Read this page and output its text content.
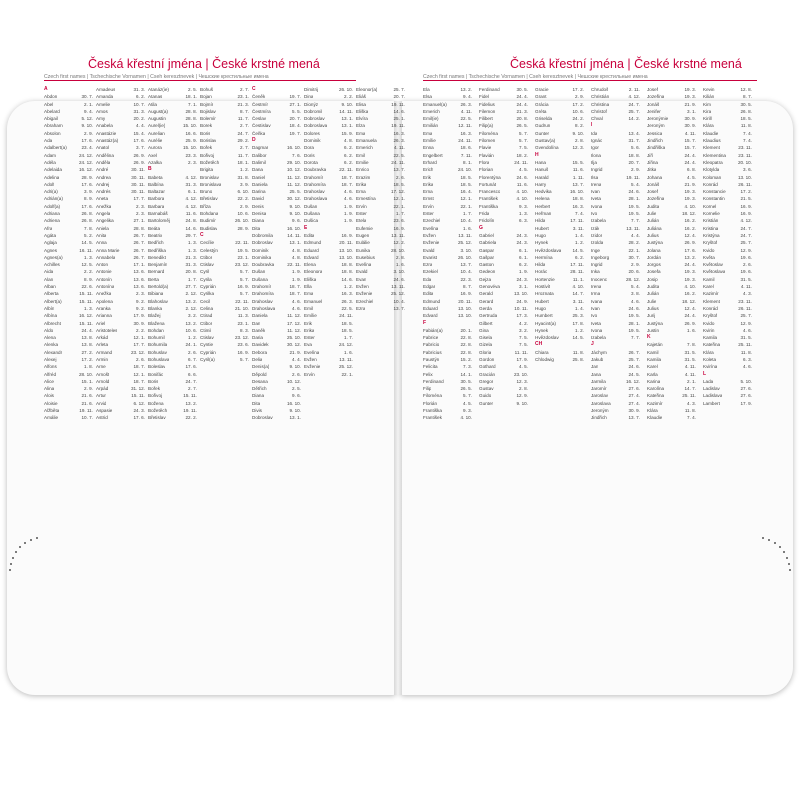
Česká křestní jména | České krstné mená
Czech first names | Tschechische Vornamen | Cseh keresztnevek | Чешские крестильные имена
Česká křestní jména | České krstné mená
Czech first names | Tschechische Vornamen | Cseh keresztnevek | Чешские крестильные имена
A
Abdon	30. 7.
Abel	2. 1.
Abelard	9. 4.
Abigail	5. 12.
Abraham	9. 10.
Absolon	2. 9.
Ada	17. 6.
Adalbert(a)	23. 4.
Adam	24. 12.
Adéla	24. 12.
Adelaida	16. 12.
Adelina	28. 9.
Adolf	17. 6.
Adri(a)	3. 9.
Adrián(a)	8. 9.
Adolf(a)	17. 6.
Adriana	26. 8.
Adriena	26. 8.
Afra	7. 8.
Agáta	5. 2.
Aglaja	14. 5.
Agnes	16. 11.
Agnes(a)	1. 3.
Achilles	12. 5.
Aida	2. 2.
Alan	8. 9.
Alban	22. 6.
Alberta	15. 11.
Albert(a)	15. 11.
Albín	1. 3.
Albína	16. 12.
Albrecht	15. 11.
Aldo	24. 4.
Alena	13. 8.
Alenka	13. 8.
Alexandr	27. 2.
Alexej	17. 2.
Alfons	1. 8.
Alfréd	28. 10.
Alice	15. 1.
Alina	2. 9.
Alois	21. 6.
Aloisie	21. 6.
Alžběta	19. 11.
Amálie	10. 7.
Amadeus	31. 3.
Amanda	6. 2.
Amelie	10. 7.
Amos	31. 3.
Amy	20. 2.
Anabela	4. 4.
Anastázie	15. 4.
Anastáz(a)	17. 6.
Anatol	3. 7.
Andělina	26. 9.
Anděla	26. 9.
André	30. 11.
Andrea	30. 11.
Andrej	30. 11.
Andrés	30. 11.
Aneta	17. 7.
Anežka	2. 3.
Angela	2. 3.
Angelika	27. 1.
Aniela	28. 8.
Anita	26. 7.
Anna	26. 7.
Anna Marie	26. 7.
Annabela	26. 7.
Anton	17. 1.
Antonie	13. 6.
Antonín	13. 6.
Antonína	13. 6.
Anežka	2. 3.
Apolena	9. 2.
Aranka	9. 2.
Arianna	17. 9.
Ariel	30. 9.
Aristoteles	2. 2.
Arkád	12. 1.
Arleta	17. 7.
Armand	23. 12.
Armin	2. 6.
Arne	18. 7.
Arnošt	12. 1.
Arnold	18. 7.
Arpád	31. 12.
Artur	15. 11.
Arvid	6. 12.
Aspasie	24. 3.
Astrid	17. 6.
Atanáz(ie)	2. 5.
Atanas	18. 1.
Atila	7. 1.
August(a)	28. 8.
Augustin	28. 8.
Aurel(ie)	15. 10.
Aurelian	16. 6.
Aurélie	25. 9.
Aurora	15. 10.
Axel	23. 3.
Azalka	2. 3.
B
Babeta	4. 12.
Balbína	31. 3.
Baltazar	6. 1.
Barbora	4. 12.
Barbara	4. 12.
Barnabáš	11. 6.
Bartoloměj	24. 8.
Beáta	14. 6.
Beatrix	29. 7.
Bedřich	1. 3.
Bedřiška	1. 3.
Benedikt	21. 3.
Benjamín	31. 3.
Bernard	20. 8.
Berta	1. 7.
Bertold(a)	27. 7.
Bibiana	2. 12.
Blahoslav	13. 2.
Blanka	2. 12.
Blažej	3. 2.
Blažena	13. 2.
Bohdan	10. 6.
Bohumil	1. 2.
Bohumila	24. 1.
Bohuslav	2. 6.
Bohuslava	6. 7.
Boleslav	17. 6.
Bonifác	6. 6.
Boris	24. 7.
Bořek	2. 7.
Bořivoj	15. 11.
Božena	13. 2.
Božetěch	19. 11.
Břetislav	22. 2.
Bohuš	2. 7.
Bojan	23. 1.
Bojmír	21. 3.
Bojislav	8. 7.
Bolemír	11. 7.
Borek	2. 7.
Boris	24. 7.
Borislav	29. 2.
Bořek	2. 7.
Bořivoj	11. 7.
Božetěch	18. 1.
Brigita	1. 2.
Bronislav	31. 8.
Bronislava	3. 9.
Bruno	6. 10.
Břetislav	22. 2.
Bříza	2. 9.
Bohdana	10. 6.
Budimír	26. 10.
Budislav	28. 9.
C
Cecílie	22. 11.
Celestýn	19. 5.
Ctibor	23. 1.
Ctislav	23. 12.
Cyril	5. 7.
Cyrila	5. 7.
Cyprián	16. 9.
Cyrilka	5. 7.
Cecil	22. 11.
Celina	21. 10.
Ctirad	11. 3.
Ctibor	23. 1.
Ctimil	8. 3.
Ctislav	23. 12.
Cyntie	23. 6.
Cyprián	16. 9.
Cyril(a)	5. 7.
Č
Čeněk	19. 7.
Čestmír	27. 1.
Čestmíra	5. 5.
Česlav	20. 7.
Čestislav	18. 4.
Čeňka	19. 7.
D
Dagmar	16. 10.
Dalibor	7. 6.
Dalimil	29. 10.
Dana	10. 12.
Daniel	11. 12.
Daniela	11. 12.
Darina	25. 5.
David	30. 12.
Denis	9. 10.
Denisa	9. 10.
Diana	9. 6.
Dita	16. 10.
Dobromila	14. 11.
Dobroslav	13. 1.
Dominik	4. 8.
Dominika	4. 8.
Doubravka	22. 11.
Dušan	1. 9.
Dušana	1. 9.
Drahomír	18. 7.
Drahomíra	18. 7.
Drahoslav	4. 6.
Drahoslava	4. 6.
Daniela	11. 12.
Dan	17. 12.
Daněk	11. 12.
Daria	25. 10.
Davidek	30. 12.
Debora	21. 9.
Delia	4. 4.
Denis(a)	9. 10.
Děpold	2. 6.
Desana	10. 12.
Dětřich	2. 5.
Diana	9. 6.
Dita	16. 10.
Divis	9. 10.
Dobroslav	13. 1.
Dimitrij	26. 10.
Dina	2. 2.
Dionýz	9. 10.
Dobromil	14. 11.
Dobroslav	13. 1.
Dobroslava	13. 1.
Dolores	15. 9.
Dominik	4. 8.
Dora	6. 2.
Doris	6. 2.
Dorota	6. 2.
Doubravka	22. 11.
Drahomír	18. 7.
Drahomíra	18. 7.
Drahoslav	4. 6.
Drahoslava	4. 6.
Dušan	1. 9.
Dušana	1. 9.
Dušica	1. 9.
E
Edita	16. 9.
Edmund	20. 11.
Eduard	13. 10.
Edvard	13. 10.
Elena	18. 8.
Eleonora	18. 8.
Eliška	14. 6.
Ella	1. 2.
Ema	16. 3.
Emanuel	26. 3.
Emil	22. 5.
Emílie	24. 11.
Erik	18. 5.
Erika	18. 5.
Ester	1. 7.
Eva	24. 12.
Evelína	1. 6.
Evžen	13. 11.
Evženie	25. 12.
Ervín	22. 1.
Eleonor(a)	25. 7.
Eliáš	20. 7.
Elisa	19. 11.
Eliška	14. 6.
Elvíra	25. 1.
Elza	19. 11.
Ema	16. 3.
Emanuela	26. 3.
Emerich	4. 11.
Emil	22. 5.
Emilie	24. 11.
Enrico	13. 7.
Erazim	2. 6.
Erika	18. 5.
Erna	17. 12.
Ernestína	12. 1.
Ervín	22. 1.
Ester	1. 7.
Etela	23. 6.
Eufemie	16. 9.
Eugen	13. 11.
Eulálie	12. 2.
Eunika	28. 10.
Eusebius	2. 8.
Evelína	1. 6.
Evald	3. 10.
Evan	24. 6.
Evžen	13. 11.
Evženie	25. 12.
Ezechiel	10. 4.
Ezra	13. 7.
Ela	13. 2.
Elsa	9. 4.
Emanuel(a)	26. 3.
Emerich	4. 11.
Emil(ie)	22. 5.
Emilián	12. 11.
Ema	16. 3.
Emílie	24. 11.
Enna	18. 6.
Engelbert	7. 11.
Erhard	8. 1.
Erich	24. 10.
Erik	18. 5.
Erika	18. 5.
Erna	16. 4.
Ernst	12. 1.
Ervín	22. 1.
Ester	1. 7.
Ezechiel	10. 4.
Evelína	1. 6.
Evžen	13. 11.
Evženie	25. 12.
Evald	3. 10.
Evarist	26. 10.
Ezra	13. 7.
Ezekiel	10. 4.
Eda	22. 3.
Edgar	8. 7.
Edita	16. 9.
Edmund	20. 11.
Eduard	13. 10.
Edvard	13. 10.
F
Fabián(a)	20. 1.
Fabrice	22. 8.
Fabricio	22. 8.
Fabricius	22. 8.
Faustýn	15. 2.
Felicita	7. 3.
Felix	14. 1.
Ferdinand	30. 5.
Filip	26. 5.
Filoména	5. 7.
Florián	4. 5.
Františka	9. 3.
František	4. 10.
Ferdinand	30. 5.
Fidel	24. 4.
Fidelius	24. 4.
Filemon	21. 3.
Filibert	20. 8.
Filip(a)	26. 5.
Filoména	5. 7.
Filomen	5. 7.
Flavie	7. 5.
Flavián	18. 2.
Flora	24. 11.
Florian	4. 5.
Florentýna	24. 6.
Fortunát	11. 6.
Francesco	4. 10.
František	4. 10.
Františka	9. 3.
Frida	1. 3.
Fridolín	6. 3.
G
Gabriel	24. 3.
Gabriela	24. 3.
Gaspar	6. 1.
Gašpar	6. 1.
Gaston	6. 2.
Gedeon	1. 9.
Gejza	24. 3.
Genovéva	3. 1.
Gerald	13. 10.
Gerard	24. 9.
Gerda	10. 11.
Gertruda	17. 3.
Gilbert	4. 2.
Gina	3. 2.
Gisela	7. 5.
Gizela	7. 5.
Gloria	11. 11.
Gordon	17. 9.
Gothard	4. 5.
Gracián	23. 10.
Gregor	12. 3.
Gustav	2. 8.
Guido	12. 9.
Gunter	9. 10.
Gracie	17. 2.
Grant	2. 9.
Grácia	17. 2.
Gréta	10. 6.
Griselda	24. 2.
Gudrun	8. 2.
Gunter	9. 10.
Gustav(a)	2. 8.
Gvendolína	12. 3.
H
Hana	15. 5.
Hanuš	11. 6.
Harald	1. 11.
Harry	13. 7.
Hedvika	16. 10.
Helena	18. 8.
Herbert	16. 3.
Heřman	7. 4.
Hilda	17. 11.
Hubert	3. 11.
Hugo	1. 4.
Hynek	1. 2.
Hvězdoslava 14. 5.
Hermína	6. 2.
Hilda	17. 11.
Horác	28. 11.
Hortenzie	11. 1.
Hostivít	4. 10.
Hroznata	14. 7.
Hubert	3. 11.
Hugo	1. 4.
Humbert	25. 3.
Hyacint(a)	17. 8.
Hynek	1. 2.
Hvězdoslav	14. 5.
CH
Chiara	11. 8.
Chlodwig	25. 8.
Chrudoš	2. 11.
Christián	4. 12.
Christina	24. 7.
Christof	25. 7.
Chval	14. 2.
I
Ida	13. 4.
Ignác	31. 7.
Igor	5. 6.
Ilona	18. 8.
Ilja	20. 7.
Ingrid	2. 9.
Ilsa	19. 11.
Irena	5. 4.
Ivan	24. 6.
Iveta	28. 1.
Ivona	19. 5.
Ivo	19. 5.
Izabela	7. 7.
Izák	13. 11.
Izidor	4. 4.
Izolda	28. 2.
Inge	22. 1.
Ingeborg	30. 7.
Ingrid	2. 9.
Inka	20. 6.
Inocenc	28. 12.
Irena	5. 4.
Irma	3. 8.
Ivana	4. 6.
Ivan	24. 6.
Ivo	19. 5.
Iveta	28. 1.
Ivona	19. 5.
Izabela	7. 7.
J
Jáchym	26. 7.
Jakub	25. 7.
Jan	24. 6.
Jana	24. 5.
Jarmila	16. 12.
Jaromír	27. 6.
Jaroslav	27. 4.
Jaroslava	27. 4.
Jeroným	30. 9.
Jindřich	13. 7.
Josef	19. 3.
Jozefína	19. 3.
Jonáš	21. 9.
Jenifer	3. 1.
Jeronýmie	30. 9.
Jeroným	30. 9.
Jessica	4. 11.
Jindřich	15. 7.
Jindřiška	15. 7.
Jiří	24. 4.
Jiřina	24. 4.
Jitka	6. 8.
Johana	4. 5.
Jonáš	21. 9.
Josef	19. 3.
Jozefína	19. 3.
Judita	4. 10.
Julie	18. 12.
Julián	16. 2.
Juliána	16. 2.
Julius	12. 4.
Justýna	26. 9.
Jolana	17. 6.
Jordán	13. 2.
Jorgos	24. 4.
Josefa	19. 3.
Josip	19. 3.
Judita	4. 10.
Julián	16. 2.
Julie	18. 12.
Julius	12. 4.
Jurij	24. 4.
Justýna	26. 9.
Justin	1. 6.
K
Kajetán	7. 8.
Kamil	31. 5.
Kamila	31. 5.
Karel	4. 11.
Karla	4. 11.
Karina	2. 1.
Karolína	14. 7.
Kateřina	25. 11.
Kazimír	4. 3.
Klára	11. 8.
Klaudie	7. 4.
Kevin	12. 8.
Kilián	8. 7.
Kim	30. 5.
Kira	26. 8.
Kirill	18. 5.
Klára	11. 8.
Klaudie	7. 4.
Klaudius	7. 4.
Klement	23. 11.
Klementina	23. 11.
Kleopatra	20. 10.
Klotylda	3. 6.
Koloman	13. 10.
Konrád	26. 11.
Konstancie	17. 2.
Konstantin	21. 5.
Kornel	16. 9.
Kornelie	16. 9.
Kristián	4. 12.
Kristina	24. 7.
Kristýna	24. 7.
Kryštof	25. 7.
Kvido	12. 9.
Květa	19. 6.
Květoslav	2. 6.
Květoslava	19. 6.
Kamil	31. 5.
Karel	4. 11.
Kazimír	4. 3.
Klement	23. 11.
Konrád	26. 11.
Kryštof	25. 7.
Kvido	12. 9.
Kvirin	4. 6.
Kamila	31. 5.
Kateřina	25. 11.
Klára	11. 8.
Koleta	6. 3.
Kvirína	4. 6.
L
Lada	5. 10.
Ladislav	27. 6.
Ladislava	27. 6.
Lambert	17. 9.
